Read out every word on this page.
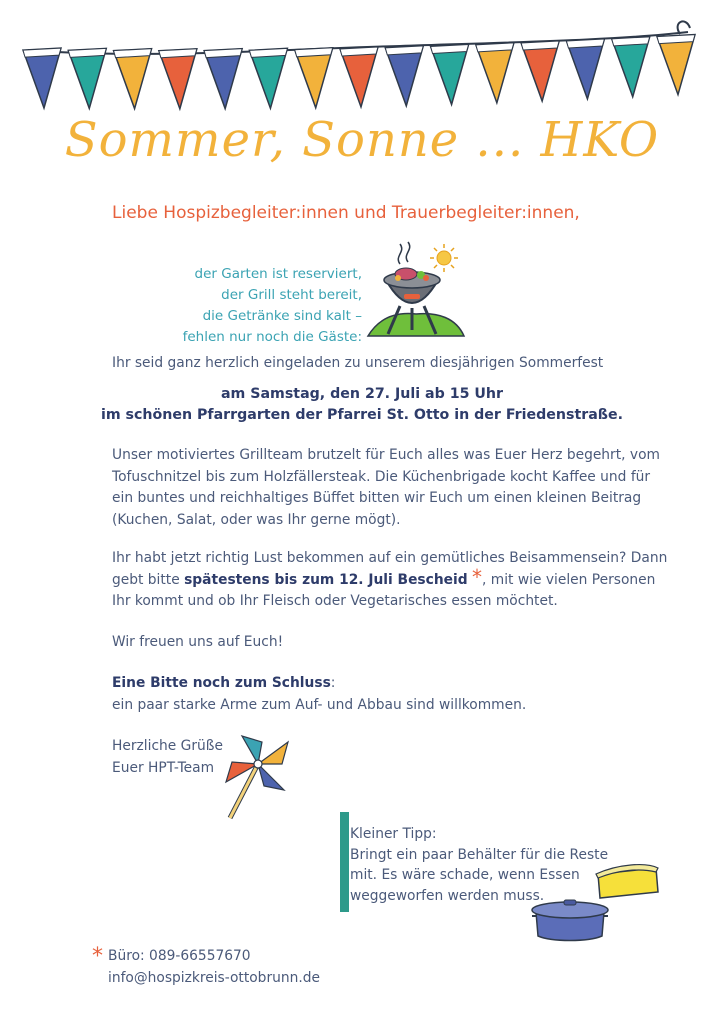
Sommer, Sonne ... HKO
Liebe Hospizbegleiter:innen und Trauerbegleiter:innen,
der Garten ist reserviert,
der Grill steht bereit,
die Getränke sind kalt –
fehlen nur noch die Gäste:
Ihr seid ganz herzlich eingeladen zu unserem diesjährigen Sommerfest
am Samstag, den 27. Juli ab 15 Uhr
im schönen Pfarrgarten der Pfarrei St. Otto in der Friedenstraße.
Unser motiviertes Grillteam brutzelt für Euch alles was Euer Herz begehrt, vom Tofuschnitzel bis zum Holzfällersteak. Die Küchenbrigade kocht Kaffee und für ein buntes und reichhaltiges Büffet bitten wir Euch um einen kleinen Beitrag (Kuchen, Salat, oder was Ihr gerne mögt).
Ihr habt jetzt richtig Lust bekommen auf ein gemütliches Beisammensein? Dann gebt bitte spätestens bis zum 12. Juli Bescheid *, mit wie vielen Personen Ihr kommt und ob Ihr Fleisch oder Vegetarisches essen möchtet.
Wir freuen uns auf Euch!
Eine Bitte noch zum Schluss:
ein paar starke Arme zum Auf- und Abbau sind willkommen.
Herzliche Grüße
Euer HPT-Team
Kleiner Tipp:
Bringt ein paar Behälter für die Reste
mit. Es wäre schade, wenn Essen
weggeworfen werden muss.
* Büro: 089-66557670
info@hospizkreis-ottobrunn.de
